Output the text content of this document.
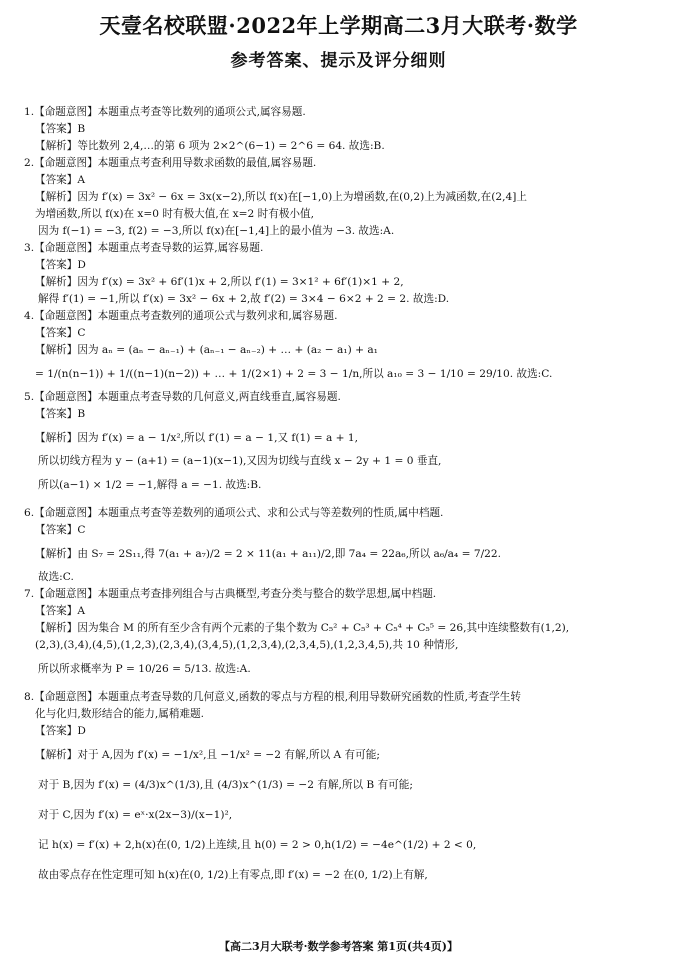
天壹名校联盟·2022年上学期高二3月大联考·数学
参考答案、提示及评分细则
1.【命题意图】本题重点考查等比数列的通项公式,属容易题.
【答案】B
【解析】等比数列 2,4,…的第 6 项为 2×2^(6−1) = 2^6 = 64. 故选:B.
2.【命题意图】本题重点考查利用导数求函数的最值,属容易题.
【答案】A
【解析】因为 f′(x) = 3x² − 6x = 3x(x−2),所以 f(x)在[−1,0)上为增函数,在(0,2)上为减函数,在(2,4]上
为增函数,所以 f(x)在 x=0 时有极大值,在 x=2 时有极小值,
因为 f(−1) = −3, f(2) = −3,所以 f(x)在[−1,4]上的最小值为 −3. 故选:A.
3.【命题意图】本题重点考查导数的运算,属容易题.
【答案】D
【解析】因为 f′(x) = 3x² + 6f′(1)x + 2,所以 f′(1) = 3×1² + 6f′(1)×1 + 2,
解得 f′(1) = −1,所以 f′(x) = 3x² − 6x + 2,故 f′(2) = 3×4 − 6×2 + 2 = 2. 故选:D.
4.【命题意图】本题重点考查数列的通项公式与数列求和,属容易题.
【答案】C
【解析】因为 aₙ = (aₙ − aₙ₋₁) + (aₙ₋₁ − aₙ₋₂) + … + (a₂ − a₁) + a₁
= 1/(n(n−1)) + 1/((n−1)(n−2)) + … + 1/(2×1) + 2 = 3 − 1/n,所以 a₁₀ = 3 − 1/10 = 29/10. 故选:C.
5.【命题意图】本题重点考查导数的几何意义,两直线垂直,属容易题.
【答案】B
【解析】因为 f′(x) = a − 1/x²,所以 f′(1) = a − 1,又 f(1) = a + 1,
所以切线方程为 y − (a+1) = (a−1)(x−1),又因为切线与直线 x − 2y + 1 = 0 垂直,
所以(a−1) × 1/2 = −1,解得 a = −1. 故选:B.
6.【命题意图】本题重点考查等差数列的通项公式、求和公式与等差数列的性质,属中档题.
【答案】C
【解析】由 S₇ = 2S₁₁,得 7(a₁ + a₇)/2 = 2 × 11(a₁ + a₁₁)/2,即 7a₄ = 22a₆,所以 a₆/a₄ = 7/22.
故选:C.
7.【命题意图】本题重点考查排列组合与古典概型,考查分类与整合的数学思想,属中档题.
【答案】A
【解析】因为集合 M 的所有至少含有两个元素的子集个数为 C₅² + C₅³ + C₅⁴ + C₅⁵ = 26,其中连续整数有(1,2),
(2,3),(3,4),(4,5),(1,2,3),(2,3,4),(3,4,5),(1,2,3,4),(2,3,4,5),(1,2,3,4,5),共 10 种情形,
所以所求概率为 P = 10/26 = 5/13. 故选:A.
8.【命题意图】本题重点考查导数的几何意义,函数的零点与方程的根,利用导数研究函数的性质,考查学生转
化与化归,数形结合的能力,属稍难题.
【答案】D
【解析】对于 A,因为 f′(x) = −1/x²,且 −1/x² = −2 有解,所以 A 有可能;
对于 B,因为 f′(x) = (4/3)x^(1/3),且 (4/3)x^(1/3) = −2 有解,所以 B 有可能;
对于 C,因为 f′(x) = eˣ·x(2x−3)/(x−1)²,
记 h(x) = f′(x) + 2,h(x)在(0, 1/2)上连续,且 h(0) = 2 > 0,h(1/2) = −4e^(1/2) + 2 < 0,
故由零点存在性定理可知 h(x)在(0, 1/2)上有零点,即 f′(x) = −2 在(0, 1/2)上有解,
【高二3月大联考·数学参考答案 第1页(共4页)】
